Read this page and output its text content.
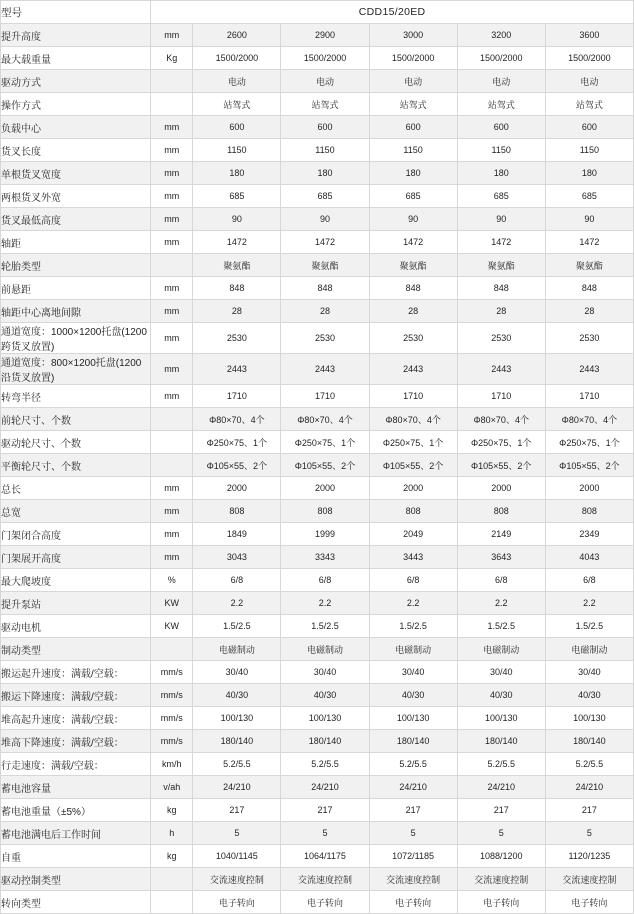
型号	CDD15/20ED					
提升高度	mm	2600	2900	3000	3200	3600
最大载重量	Kg	1500/2000	1500/2000	1500/2000	1500/2000	1500/2000
驱动方式		电动	电动	电动	电动	电动
操作方式		站驾式	站驾式	站驾式	站驾式	站驾式
负载中心	mm	600	600	600	600	600
货叉长度	mm	1150	1150	1150	1150	1150
单根货叉宽度	mm	180	180	180	180	180
两根货叉外宽	mm	685	685	685	685	685
货叉最低高度	mm	90	90	90	90	90
轴距	mm	1472	1472	1472	1472	1472
轮胎类型		聚氨酯	聚氨酯	聚氨酯	聚氨酯	聚氨酯
前悬距	mm	848	848	848	848	848
轴距中心离地间隙	mm	28	28	28	28	28
通道宽度：1000×1200托盘(1200跨货叉放置)	mm	2530	2530	2530	2530	2530
通道宽度：800×1200托盘(1200沿货叉放置)	mm	2443	2443	2443	2443	2443
转弯半径	mm	1710	1710	1710	1710	1710
前轮尺寸、个数		Φ80×70、4个	Φ80×70、4个	Φ80×70、4个	Φ80×70、4个	Φ80×70、4个
驱动轮尺寸、个数		Φ250×75、1个	Φ250×75、1个	Φ250×75、1个	Φ250×75、1个	Φ250×75、1个
平衡轮尺寸、个数		Φ105×55、2个	Φ105×55、2个	Φ105×55、2个	Φ105×55、2个	Φ105×55、2个
总长	mm	2000	2000	2000	2000	2000
总宽	mm	808	808	808	808	808
门架闭合高度	mm	1849	1999	2049	2149	2349
门架展开高度	mm	3043	3343	3443	3643	4043
最大爬坡度	%	6/8	6/8	6/8	6/8	6/8
提升泵站	KW	2.2	2.2	2.2	2.2	2.2
驱动电机	KW	1.5/2.5	1.5/2.5	1.5/2.5	1.5/2.5	1.5/2.5
制动类型		电磁制动	电磁制动	电磁制动	电磁制动	电磁制动
搬运起升速度：满载/空载：	mm/s	30/40	30/40	30/40	30/40	30/40
搬运下降速度：满载/空载：	mm/s	40/30	40/30	40/30	40/30	40/30
堆高起升速度：满载/空载：	mm/s	100/130	100/130	100/130	100/130	100/130
堆高下降速度：满载/空载：	mm/s	180/140	180/140	180/140	180/140	180/140
行走速度：满载/空载：	km/h	5.2/5.5	5.2/5.5	5.2/5.5	5.2/5.5	5.2/5.5
蓄电池容量	v/ah	24/210	24/210	24/210	24/210	24/210
蓄电池重量（±5%）	kg	217	217	217	217	217
蓄电池满电后工作时间	h	5	5	5	5	5
自重	kg	1040/1145	1064/1175	1072/1185	1088/1200	1120/1235
驱动控制类型		交流速度控制	交流速度控制	交流速度控制	交流速度控制	交流速度控制
转向类型		电子转向	电子转向	电子转向	电子转向	电子转向
